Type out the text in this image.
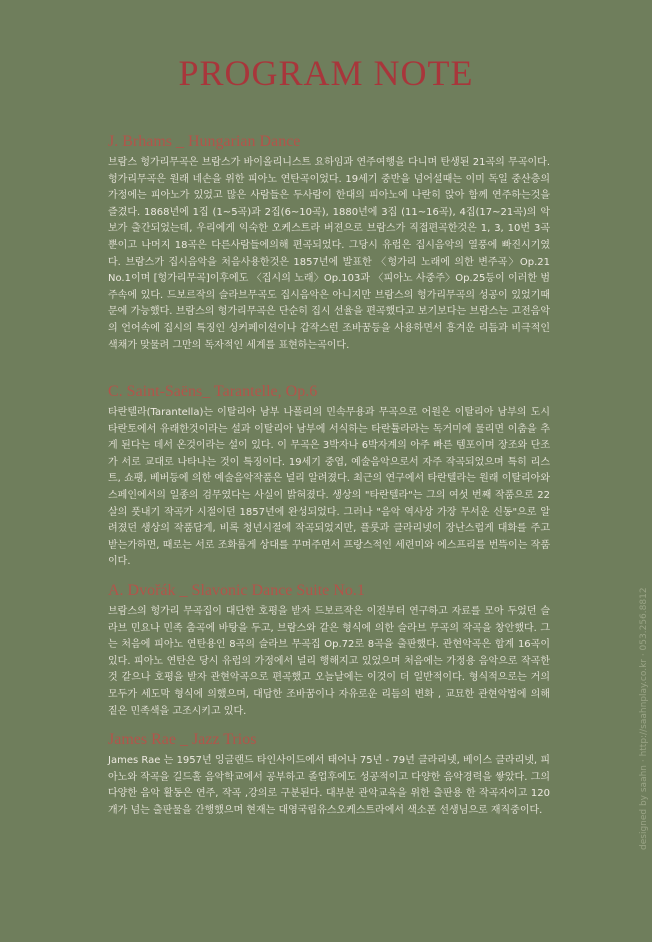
PROGRAM NOTE
J. Brhams _ Hungarian Dance

브람스 헝가리무곡은 브람스가 바이올리니스트 요하임과 연주여행을 다니며 탄생된 21곡의 무곡이다. 헝가리무곡은 원래 네손을 위한 피아노 연탄곡이었다. 19세기 중반을 넘어설때는 이미 독일 중산층의 가정에는 피아노가 있었고 많은 사람들은 두사람이 한대의 피아노에 나란히 앉아 함께 연주하는것을 즐겼다. 1868년에 1집 (1~5곡)과 2집(6~10곡), 1880년에 3집 (11~16곡), 4집(17~21곡)의 악보가 출간되었는데, 우리에게 익숙한 오케스트라 버젼으로 브람스가 직접편곡한것은 1, 3, 10번 3곡뿐이고 나머지 18곡은 다른사람들에의해 편곡되었다. 그당시 유럽은 집시음악의 열풍에 빠진시기였다. 브람스가 집시음악을 처음사용한것은 1857년에 발표한 〈헝가리 노래에 의한 변주곡〉Op.21 No.1이며 [헝가리무곡]이후에도 〈집시의 노래〉Op.103과 〈피아노 사중주〉Op.25등이 이러한 범주속에 있다. 드보르작의 슬라브무곡도 집시음악은 아니지만 브람스의 헝가리무곡의 성공이 있었기때문에 가능했다. 브람스의 헝가리무곡은 단순히 집시 선율을 편곡했다고 보기보다는 브람스는 고전음악의 언어속에 집시의 특징인 싱커페이션이나 갑작스런 조바꿈등을 사용하면서 흥겨운 리듬과 비극적인 색채가 맞물려 그만의 독자적인 세계를 표현하는곡이다.

C. Saint-Saëns_ Tarantelle, Op.6

타란텔라(Tarantella)는 이탈리아 남부 나폴리의 민속무용과 무곡으로 어원은 이탈리아 남부의 도시 타란토에서 유래한것이라는 설과 이탈리아 남부에 서식하는 타란튤라라는 독거미에 물리면 이춤을 추게 된다는 데서 온것이라는 설이 있다. 이 무곡은 3박자나 6박자계의 아주 빠른 템포이며 장조와 단조가 서로 교대로 나타나는 것이 특징이다. 19세기 중엽, 예술음악으로서 자주 작곡되었으며 특히 리스트, 쇼팽, 베버등에 의한 예술음악작품은 널리 알려졌다. 최근의 연구에서 타란텔라는 원래 이탈리아와 스페인에서의 일종의 검무였다는 사실이 밝혀졌다. 생상의 "타란텔라"는 그의 여섯 번째 작품으로 22살의 풋내기 작곡가 시절이던 1857년에 완성되었다. 그러나 "음악 역사상 가장 무서운 신동"으로 알려졌던 생상의 작품답게, 비록 청년시절에 작곡되었지만, 플룻과 클라리넷이 장난스럽게 대화를 주고 받는가하면, 때로는 서로 조화롭게 상대를 꾸며주면서 프랑스적인 세련미와 에스프리를 번뜩이는 작품이다.

A. Dvořák _ Slavonic Dance Suite No.1

브람스의 헝가리 무곡집이 대단한 호평을 받자 드보르작은 이전부터 연구하고 자료를 모아 두었던 슬라브 민요나 민족 춤곡에 바탕을 두고, 브람스와 같은 형식에 의한 슬라브 무곡의 작곡을 창안했다. 그는 처음에 피아노 연탄용인 8곡의 슬라브 무곡집 Op.72로 8곡을 출판했다. 관현악곡은 합계 16곡이 있다. 피아노 연탄은 당시 유럽의 가정에서 널리 행해지고 있었으며 처음에는 가정용 음악으로 작곡한 것 같으나 호평을 받자 관현악곡으로 편곡했고 오늘날에는 이것이 더 일반적이다. 형식적으로는 거의 모두가 세도막 형식에 의했으며, 대담한 조바꿈이나 자유로운 리듬의 변화 , 교묘한 관현악법에 의해 짙은 민족색을 고조시키고 있다.

James Rae _ Jazz Trios

James Rae 는 1957년 잉글랜드 타인사이드에서 태어나 75년 - 79년 클라리넷, 베이스 클라리넷, 피아노와 작곡을 길드홀 음악학교에서 공부하고 졸업후에도 성공적이고 다양한 음악경력을 쌓았다. 그의 다양한 음악 활동은 연주, 작곡 ,강의로 구분된다. 대부분 관악교육을 위한 출판용 한 작곡자이고 120 개가 넘는 출판물을 간행했으며 현재는 대영국립유스오케스트라에서 색소폰 선생님으로 재직중이다.	designed by saahn · http://saahnplay.co.kr · 053.256.8812
